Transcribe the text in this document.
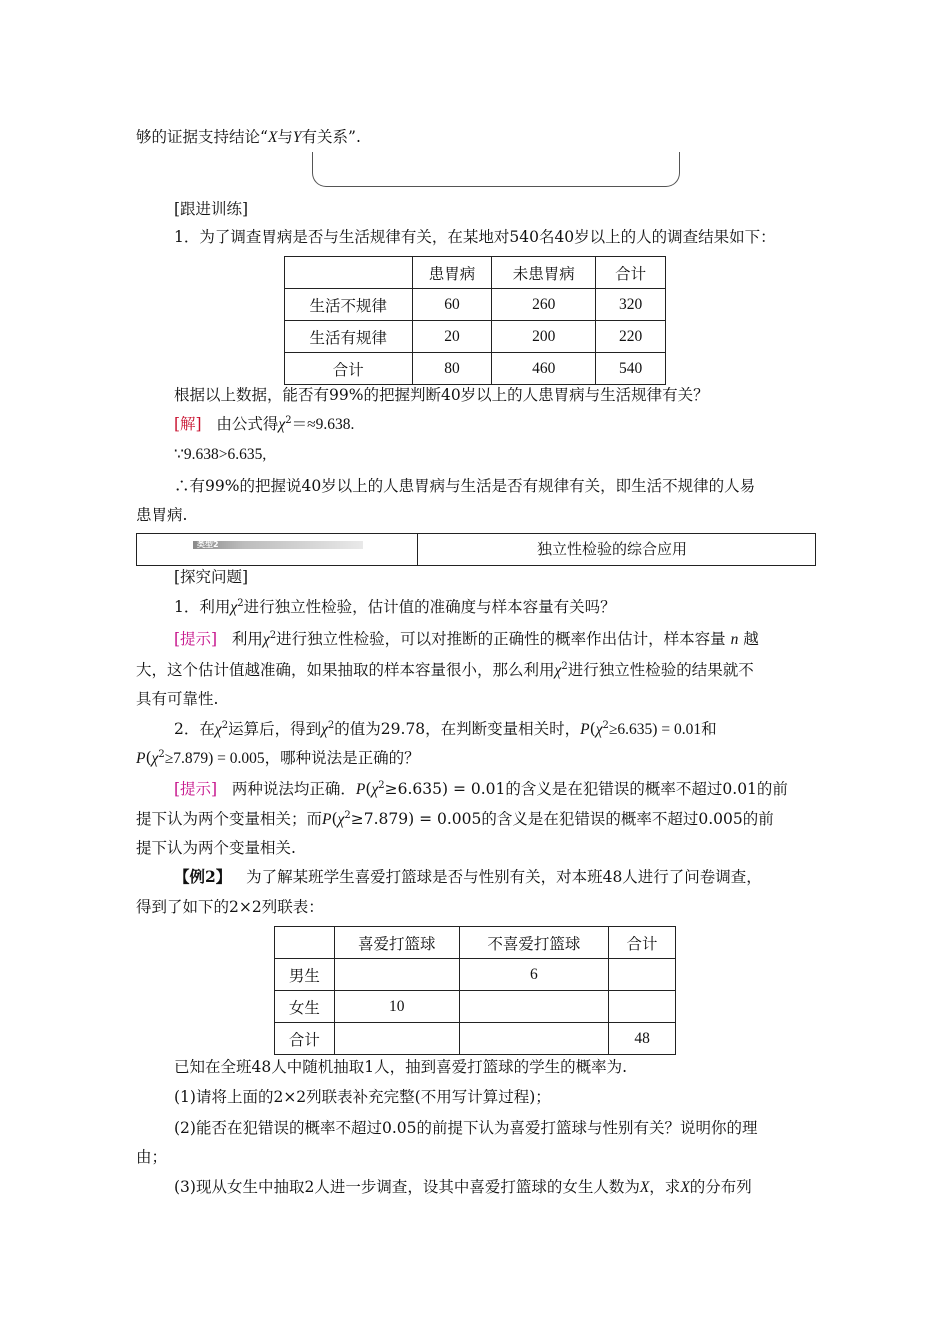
够的证据支持结论“X与Y有关系”.
[跟进训练]
1．为了调查胃病是否与生活规律有关，在某地对540名40岁以上的人的调查结果如下：
	患胃病	未患胃病	合计
生活不规律	60	260	320
生活有规律	20	200	220
合计	80	460	540
根据以上数据，能否有99%的把握判断40岁以上的人患胃病与生活规律有关？
[解] 由公式得$\chi^2=\approx 9.638$.
∵9.638>6.635,
∴有99%的把握说40岁以上的人患胃病与生活是否有规律有关，即生活不规律的人易
患胃病.
类型2	独立性检验的综合应用
[探究问题]
1．利用$\chi^2$进行独立性检验，估计值的准确度与样本容量有关吗？
[提示] 利用$\chi^2$进行独立性检验，可以对推断的正确性的概率作出估计，样本容量 n 越
大，这个估计值越准确，如果抽取的样本容量很小，那么利用$\chi^2$进行独立性检验的结果就不
具有可靠性.
2．在$\chi^2$运算后，得到$\chi^2$的值为29.78，在判断变量相关时，$P(\chi^2\ge 6.635) = 0.01$和
$P(\chi^2\ge 7.879) = 0.005$，哪种说法是正确的？
[提示] 两种说法均正确．$P(\chi^2\ge 6.635) = 0.01$的含义是在犯错误的概率不超过0.01的前
提下认为两个变量相关；而$P(\chi^2\ge 7.879) = 0.005$的含义是在犯错误的概率不超过0.005的前
提下认为两个变量相关.
【例2】 为了解某班学生喜爱打篮球是否与性别有关，对本班48人进行了问卷调查，
得到了如下的2×2列联表：
	喜爱打篮球	不喜爱打篮球	合计
男生		6	
女生	10		
合计			48
已知在全班48人中随机抽取1人，抽到喜爱打篮球的学生的概率为.
(1)请将上面的2×2列联表补充完整(不用写计算过程)；
(2)能否在犯错误的概率不超过0.05的前提下认为喜爱打篮球与性别有关？说明你的理
由；
(3)现从女生中抽取2人进一步调查，设其中喜爱打篮球的女生人数为X，求X的分布列
